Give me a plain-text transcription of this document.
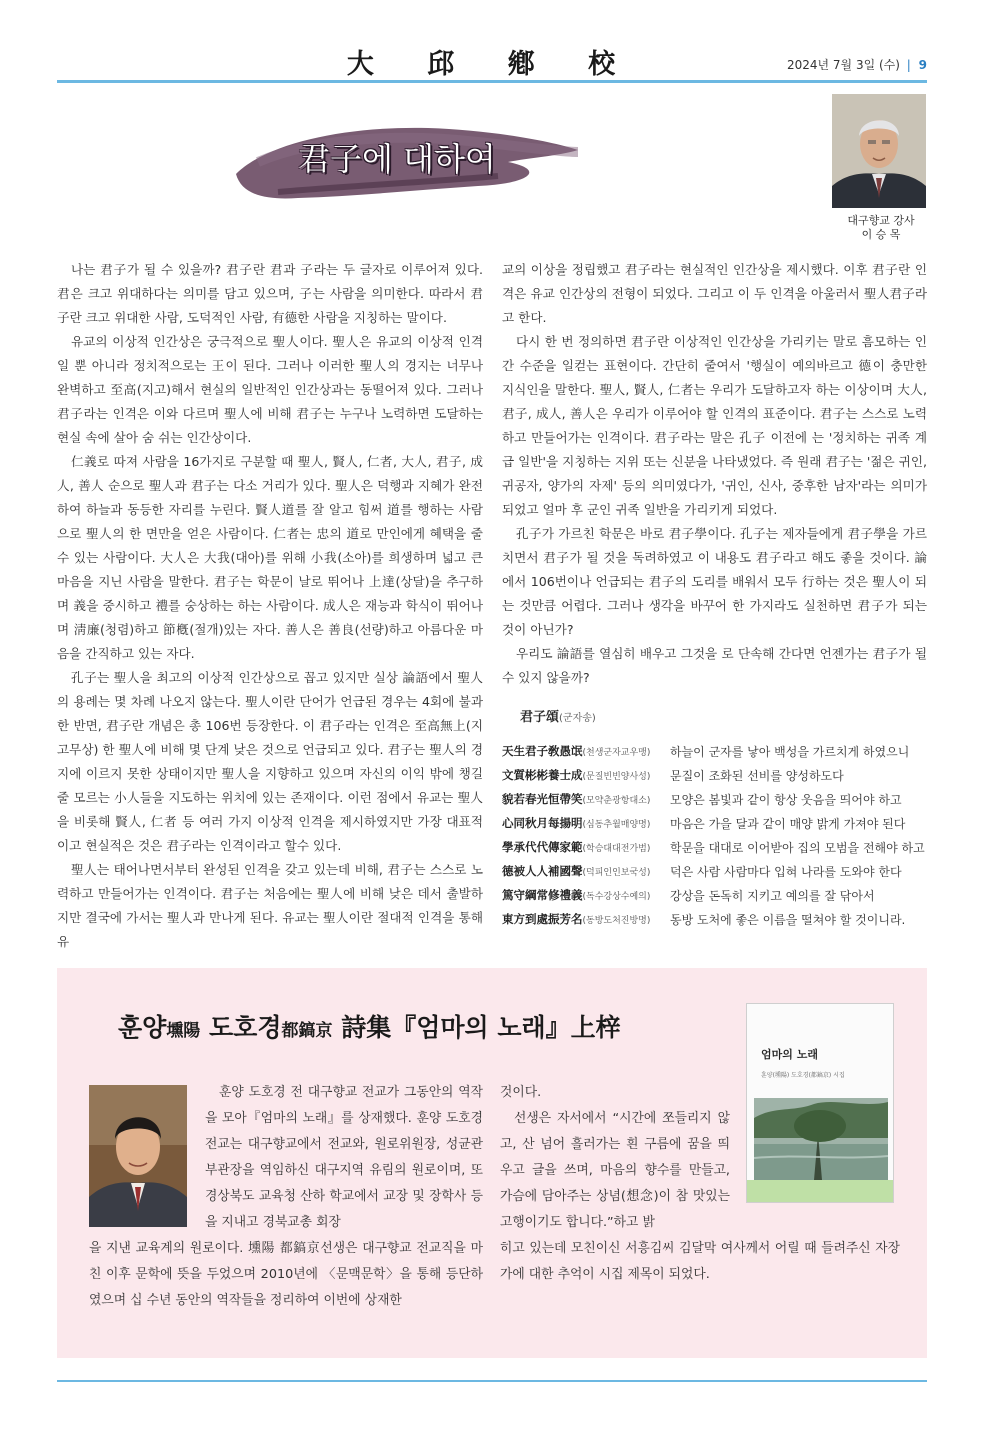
大 邱 鄕 校	2024년 7월 3일 (수) | 9
君子에 대하여
대구향교 강사
이 승 목

나는 君子가 될 수 있을까? 君子란 君과 子라는 두 글자로 이루어져 있다. 君은 크고 위대하다는 의미를 담고 있으며, 子는 사람을 의미한다. 따라서 君子란 크고 위대한 사람, 도덕적인 사람, 有德한 사람을 지칭하는 말이다.

유교의 이상적 인간상은 궁극적으로 聖人이다. 聖人은 유교의 이상적 인격일 뿐 아니라 정치적으로는 王이 된다. 그러나 이러한 聖人의 경지는 너무나 완벽하고 至高(지고)해서 현실의 일반적인 인간상과는 동떨어져 있다. 그러나 君子라는 인격은 이와 다르며 聖人에 비해 君子는 누구나 노력하면 도달하는 현실 속에 살아 숨 쉬는 인간상이다.

仁義로 따져 사람을 16가지로 구분할 때 聖人, 賢人, 仁者, 大人, 君子, 成人, 善人 순으로 聖人과 君子는 다소 거리가 있다. 聖人은 덕행과 지혜가 완전하여 하늘과 동등한 자리를 누린다. 賢人道를 잘 알고 힘써 道를 행하는 사람으로 聖人의 한 면만을 얻은 사람이다. 仁者는 忠의 道로 만인에게 혜택을 줄 수 있는 사람이다. 大人은 大我(대아)를 위해 小我(소아)를 희생하며 넓고 큰 마음을 지닌 사람을 말한다. 君子는 학문이 날로 뛰어나 上達(상달)을 추구하며 義을 중시하고 禮를 숭상하는 하는 사람이다. 成人은 재능과 학식이 뛰어나며 淸廉(청렴)하고 節槪(절개)있는 자다. 善人은 善良(선량)하고 아름다운 마음을 간직하고 있는 자다.

孔子는 聖人을 최고의 이상적 인간상으로 꼽고 있지만 실상 論語에서 聖人의 용례는 몇 차례 나오지 않는다. 聖人이란 단어가 언급된 경우는 4회에 불과한 반면, 君子란 개념은 총 106번 등장한다. 이 君子라는 인격은 至高無上(지고무상) 한 聖人에 비해 몇 단계 낮은 것으로 언급되고 있다. 君子는 聖人의 경지에 이르지 못한 상태이지만 聖人을 지향하고 있으며 자신의 이익 밖에 챙길 줄 모르는 小人들을 지도하는 위치에 있는 존재이다. 이런 점에서 유교는 聖人을 비롯해 賢人, 仁者 등 여러 가지 이상적 인격을 제시하였지만 가장 대표적이고 현실적은 것은 君子라는 인격이라고 할수 있다.

聖人는 태어나면서부터 완성된 인격을 갖고 있는데 비해, 君子는 스스로 노력하고 만들어가는 인격이다. 君子는 처음에는 聖人에 비해 낮은 데서 출발하지만 결국에 가서는 聖人과 만나게 된다. 유교는 聖人이란 절대적 인격을 통해 유

교의 이상을 정립했고 君子라는 현실적인 인간상을 제시했다. 이후 君子란 인격은 유교 인간상의 전형이 되었다. 그리고 이 두 인격을 아울러서 聖人君子라고 한다.

다시 한 번 정의하면 君子란 이상적인 인간상을 가리키는 말로 흠모하는 인간 수준을 일컫는 표현이다. 간단히 줄여서 '행실이 예의바르고 德이 충만한 지식인을 말한다. 聖人, 賢人, 仁者는 우리가 도달하고자 하는 이상이며 大人, 君子, 成人, 善人은 우리가 이루어야 할 인격의 표준이다. 君子는 스스로 노력하고 만들어가는 인격이다. 君子라는 말은 孔子 이전에 는 '정치하는 귀족 계급 일반'을 지칭하는 지위 또는 신분을 나타냈었다. 즉 원래 君子는 '젊은 귀인, 귀공자, 양가의 자제' 등의 의미였다가, '귀인, 신사, 중후한 남자'라는 의미가 되었고 얼마 후 군인 귀족 일반을 가리키게 되었다.

孔子가 가르친 학문은 바로 君子學이다. 孔子는 제자들에게 君子學을 가르치면서 君子가 될 것을 독려하였고 이 내용도 君子라고 해도 좋을 것이다. 論에서 106번이나 언급되는 君子의 도리를 배워서 모두 行하는 것은 聖人이 되는 것만큼 어렵다. 그러나 생각을 바꾸어 한 가지라도 실천하면 君子가 되는 것이 아닌가?

우리도 論語를 열심히 배우고 그것을 로 단속해 간다면 언젠가는 君子가 될 수 있지 않을까?

君子頌(군자송)
天生君子敎愚氓(천생군자교우맹)	하늘이 군자를 낳아 백성을 가르치게 하였으니
文質彬彬養士成(문질빈빈양사성)	문질이 조화된 선비를 양성하도다
貌若春光恒帶笑(모약춘광항대소)	모양은 봄빛과 같이 항상 웃음을 띄어야 하고
心同秋月每揚明(심동추월매양명)	마음은 가을 달과 같이 매양 밝게 가져야 된다
學承代代傳家範(학승대대전가범)	학문을 대대로 이어받아 집의 모범을 전해야 하고
德被人人補國聲(덕피인인보국성)	덕은 사람 사람마다 입혀 나라를 도와야 한다
篤守綱常修禮義(독수강상수예의)	강상을 돈독히 지키고 예의를 잘 닦아서
東方到處振芳名(동방도처진방명)	동방 도처에 좋은 이름을 떨쳐야 할 것이니라.
훈양壎陽 도호경都鎬京 詩集『엄마의 노래』上梓
엄마의 노래
훈양(壎陽) 도호경(都鎬京) 시집

훈양 도호경 전 대구향교 전교가 그동안의 역작을 모아『엄마의 노래』를 상재했다. 훈양 도호경 전교는 대구향교에서 전교와, 원로위원장, 성균관부관장을 역임하신 대구지역 유림의 원로이며, 또 경상북도 교육청 산하 학교에서 교장 및 장학사 등을 지내고 경북교총 회장

을 지낸 교육계의 원로이다. 壎陽 都鎬京선생은 대구향교 전교직을 마친 이후 문학에 뜻을 두었으며 2010년에 〈문맥문학〉을 통해 등단하였으며 십 수년 동안의 역작들을 정리하여 이번에 상재한

것이다.

선생은 자서에서 “시간에 쪼들리지 않고, 산 넘어 흘러가는 흰 구름에 꿈을 띄우고 글을 쓰며, 마음의 향수를 만들고, 가슴에 담아주는 상념(想念)이 참 맛있는 고행이기도 합니다.”하고 밝

히고 있는데 모친이신 서흥김씨 김달막 여사께서 어릴 때 들려주신 자장가에 대한 추억이 시집 제목이 되었다.
